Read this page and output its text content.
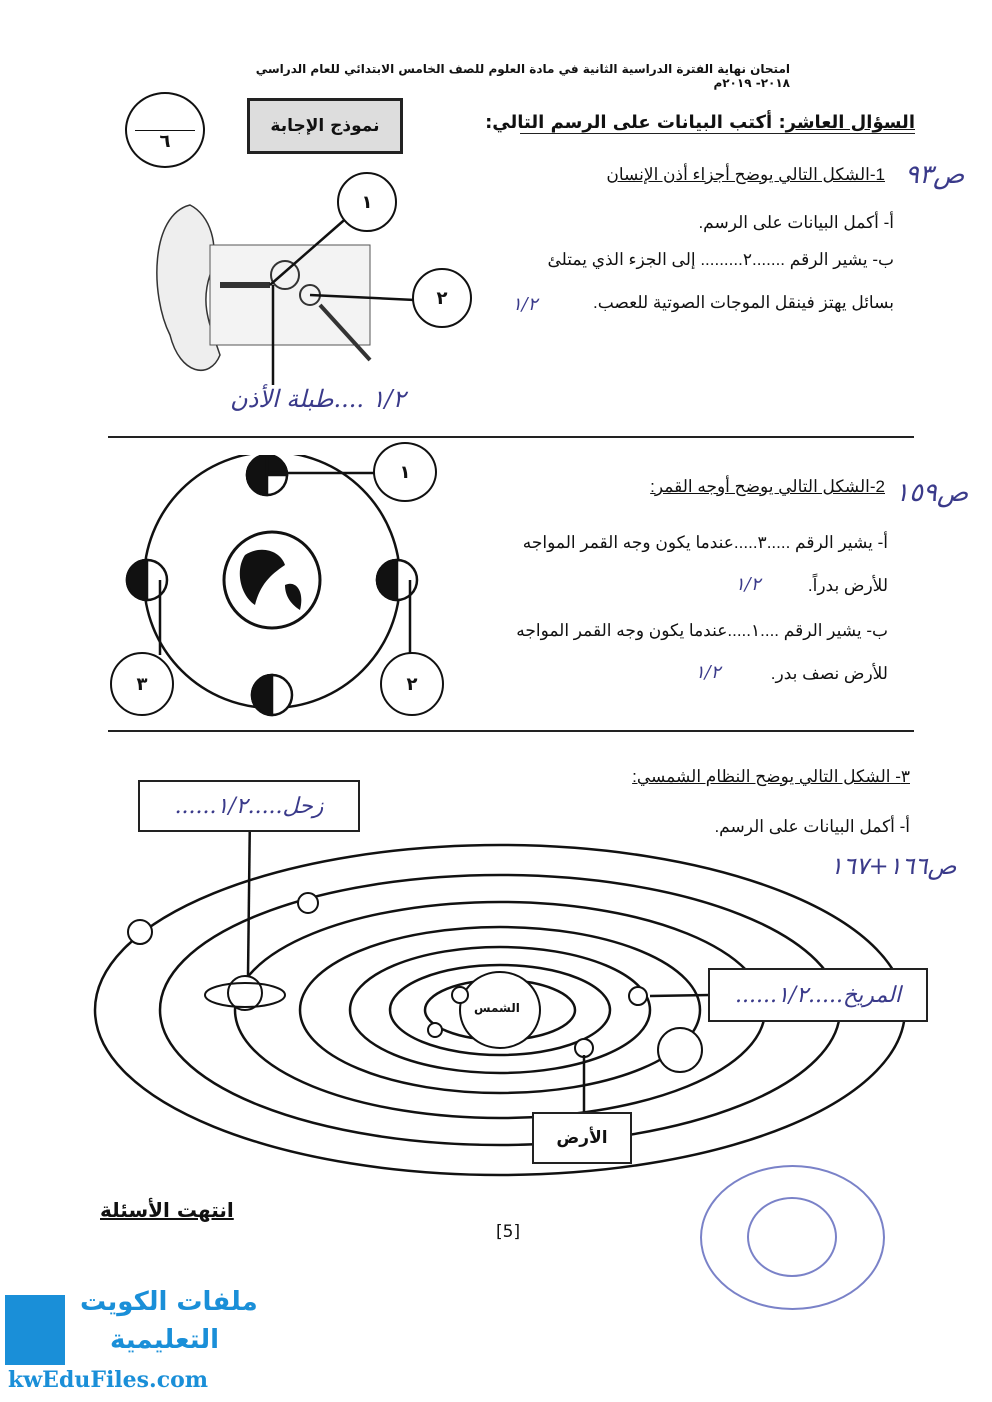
امتحان نهاية الفترة الدراسية الثانية في مادة العلوم للصف الخامس الابتدائي للعام الدراسي ٢٠١٨- ٢٠١٩م
٦
نموذج الإجابة	السؤال العاشر: أكتب البيانات على الرسم التالي:
ص٩٣
1-الشكل التالي يوضح أجزاء أذن الإنسان
أ- أكمل البيانات على الرسم.
ب- يشير الرقم .......٢......... إلى الجزء الذي يمتلئ
بسائل يهتز فينقل الموجات الصوتية للعصب.
١/٢
١
٢
١/٢ ....طبلة الأذن
ص١٥٩
2-الشكل التالي يوضح أوجه القمر:
أ- يشير الرقم .....٣.....عندما يكون وجه القمر المواجه
للأرض بدراً.
ب- يشير الرقم ....١.....عندما يكون وجه القمر المواجه
للأرض نصف بدر.
١/٢
١/٢
١
٢
٣
٣- الشكل التالي يوضح النظام الشمسي:
أ- أكمل البيانات على الرسم.
ص١٦٦+١٦٧
الشمس
......زحل.....١/٢
......المريخ.....١/٢
الأرض
انتهت الأسئلة
[5]
ملفات الكويت
التعليمية
kwEduFiles.com
